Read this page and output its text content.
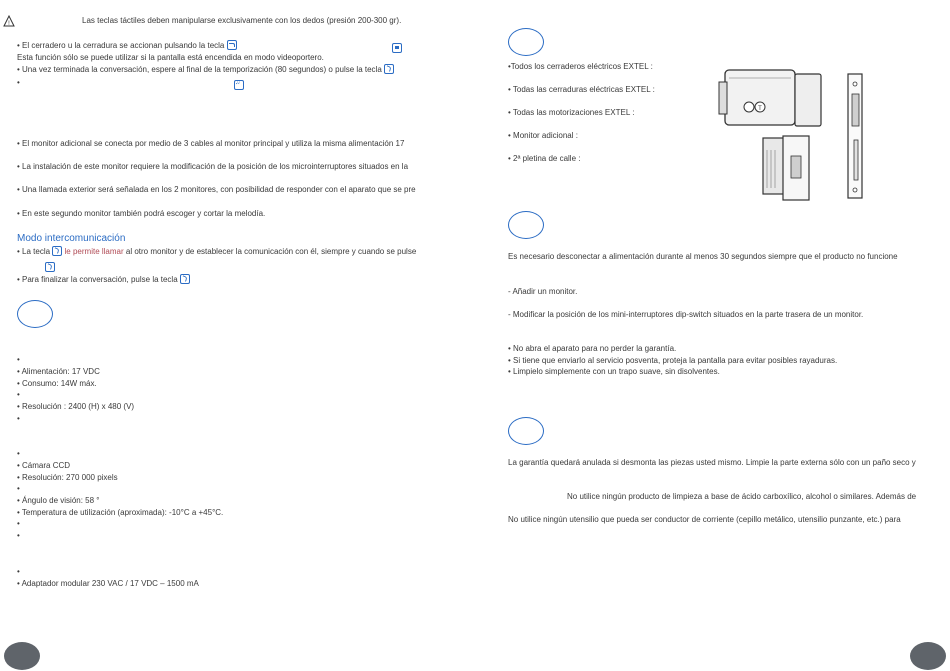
!	Las teclas táctiles deben manipularse exclusivamente con los dedos (presión 200-300 gr).
• El cerradero u la cerradura se accionan pulsando la tecla
Esta función sólo se puede utilizar si la pantalla está encendida en modo videoportero.
• Una vez terminada la conversación, espere al final de la temporización (80 segundos) o pulse la tecla
•
♫
• El monitor adicional se conecta por medio de 3 cables al monitor principal y utiliza la misma alimentación 17
• La instalación de este monitor requiere la modificación de la posición de los microinterruptores situados en la
• Una llamada exterior será señalada en los 2 monitores, con posibilidad de responder con el aparato que se pre
• En este segundo monitor también podrá escoger y cortar la melodía.
Modo intercomunicación
• La tecla le permite llamar al otro monitor y de establecer la comunicación con él, siempre y cuando se pulse
• Para finalizar la conversación, pulse la tecla
•
• Alimentación: 17 VDC
• Consumo: 14W máx.
•
• Resolución : 2400 (H) x 480 (V)
•
•
• Cámara CCD
• Resolución: 270 000 pixels
•
• Ángulo de visión: 58 °
• Temperatura de utilización (aproximada): -10°C a +45°C.
•
•
•
• Adaptador modular 230 VAC / 17 VDC – 1500 mA
•Todos los cerraderos eléctricos EXTEL :
• Todas las cerraduras eléctricas EXTEL :
• Todas las motorizaciones EXTEL :
• Monitor adicional :
• 2ª pletina de calle :
T
Es necesario desconectar a alimentación durante al menos 30 segundos siempre que el producto no funcione
- Añadir un monitor.
- Modificar la posición de los mini-interruptores dip-switch situados en la parte trasera de un monitor.
• No abra el aparato para no perder la garantía.
• Si tiene que enviarlo al servicio posventa, proteja la pantalla para evitar posibles rayaduras.
• Limpielo simplemente con un trapo suave, sin disolventes.
La garantía quedará anulada si desmonta las piezas usted mismo. Limpie la parte externa sólo con un paño seco y
No utilice ningún producto de limpieza a base de ácido carboxílico, alcohol o similares. Además de
No utilice ningún utensilio que pueda ser conductor de corriente (cepillo metálico, utensilio punzante, etc.) para
